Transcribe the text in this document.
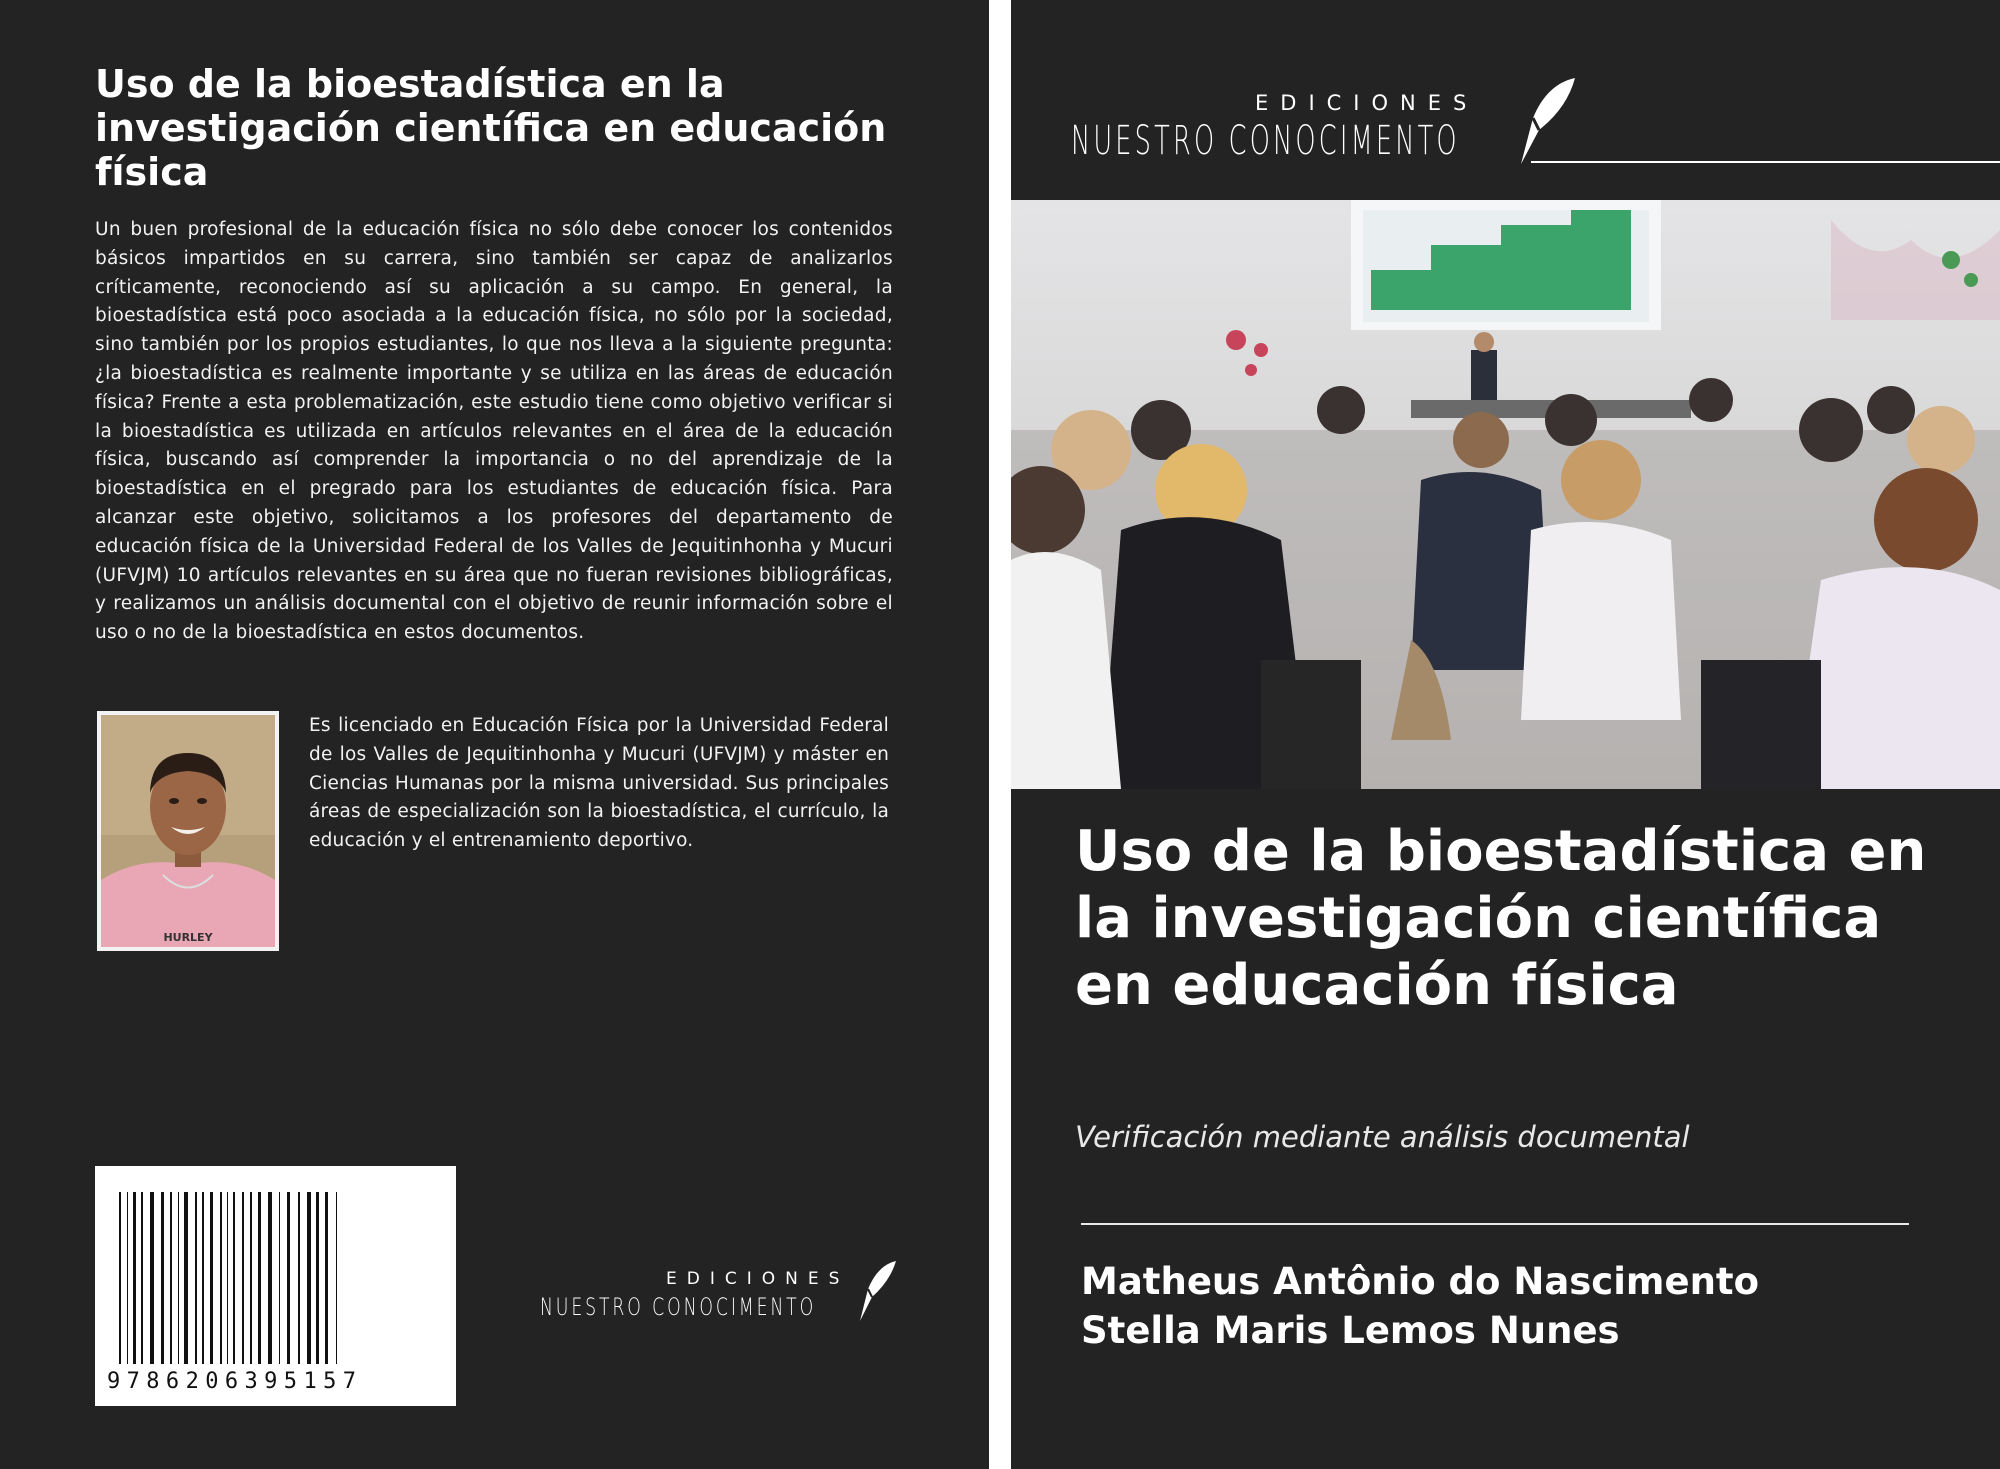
Uso de la bioestadística en la investigación científica en educación física

Un buen profesional de la educación física no sólo debe conocer los contenidos básicos impartidos en su carrera, sino también ser capaz de analizarlos críticamente, reconociendo así su aplicación a su campo. En general, la bioestadística está poco asociada a la educación física, no sólo por la sociedad, sino también por los propios estudiantes, lo que nos lleva a la siguiente pregunta: ¿la bioestadística es realmente importante y se utiliza en las áreas de educación física? Frente a esta problematización, este estudio tiene como objetivo verificar si la bioestadística es utilizada en artículos relevantes en el área de la educación física, buscando así comprender la importancia o no del aprendizaje de la bioestadística en el pregrado para los estudiantes de educación física. Para alcanzar este objetivo, solicitamos a los profesores del departamento de educación física de la Universidad Federal de los Valles de Jequitinhonha y Mucuri (UFVJM) 10 artículos relevantes en su área que no fueran revisiones bibliográficas, y realizamos un análisis documental con el objetivo de reunir información sobre el uso o no de la bioestadística en estos documentos.

HURLEY

Es licenciado en Educación Física por la Universidad Federal de los Valles de Jequitinhonha y Mucuri (UFVJM) y máster en Ciencias Humanas por la misma universidad. Sus principales áreas de especialización son la bioestadística, el currículo, la educación y el entrenamiento deportivo.

9786206395157
EDICIONES
NUESTRO CONOCIMENTO
EDICIONES
NUESTRO CONOCIMENTO
Uso de la bioestadística en la investigación científica en educación física

Verificación mediante análisis documental

Matheus Antônio do Nascimento
Stella Maris Lemos Nunes
